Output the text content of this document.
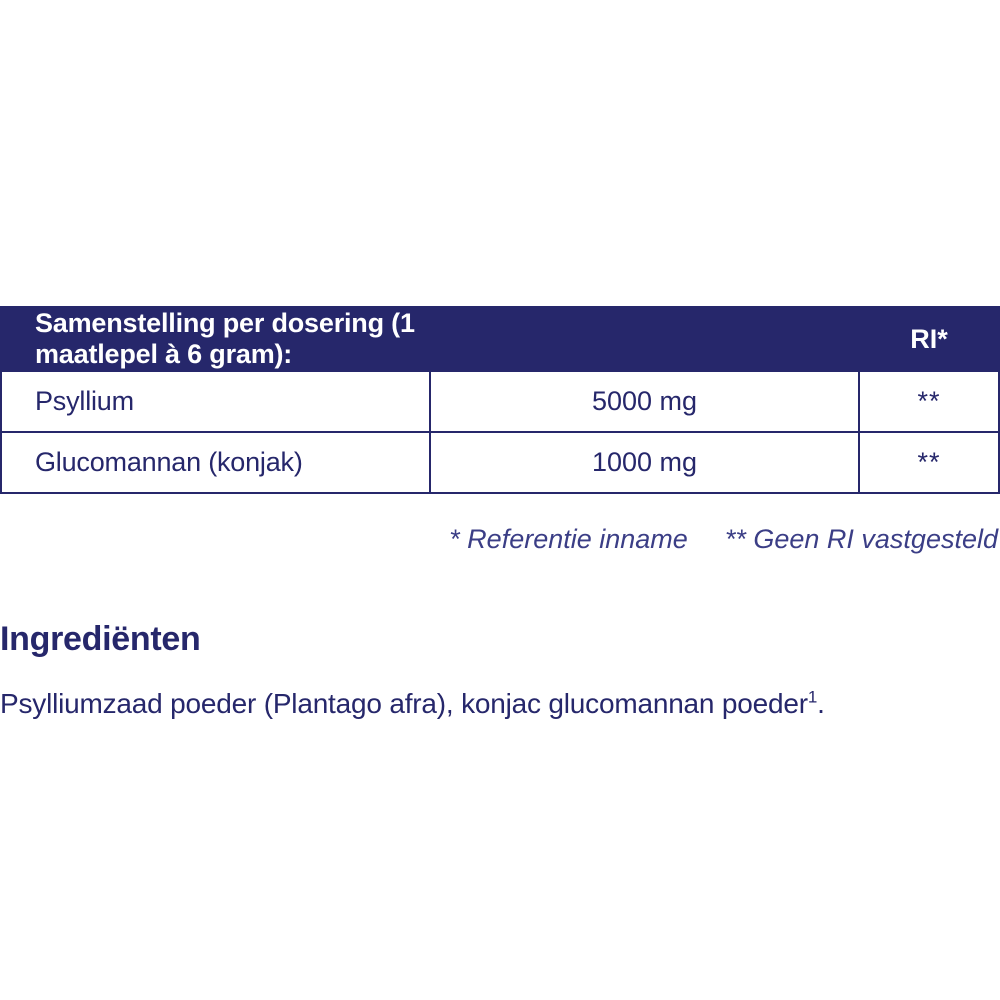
Samenstelling per dosering (1 maatlepel à 6 gram):		RI*
Psyllium	5000 mg	**
Glucomannan (konjak)	1000 mg	**
* Referentie inname ** Geen RI vastgesteld
Ingrediënten

Psylliumzaad poeder (Plantago afra), konjac glucomannan poeder$^1$.
